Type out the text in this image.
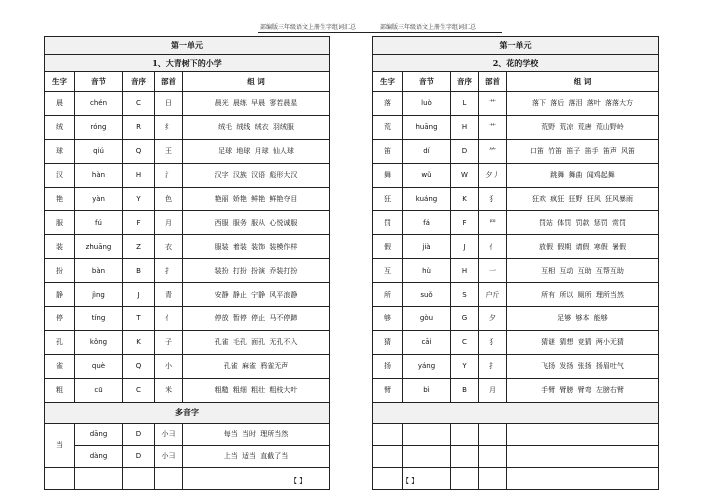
部编版三年级语文上册生字组词汇总	部编版三年级语文上册生字组词汇总
第一单元				
1、大青树下的小学				
生字	音节	音序	部首	组 词
晨	chén	C	日	晨光 晨练 早晨 寥若晨星
绒	róng	R	纟	绒毛 绒线 绒衣 羽绒服
球	qiú	Q	王	足球 地球 月球 仙人球
汉	hàn	H	氵	汉字 汉族 汉语 彪形大汉
艳	yàn	Y	色	艳丽 娇艳 鲜艳 鲜艳夺目
服	fú	F	月	西服 服务 服从 心悦诚服
装	zhuāng	Z	衣	服装 着装 装饰 装模作样
扮	bàn	B	扌	装扮 打扮 扮演 乔装打扮
静	jìng	J	青	安静 静止 宁静 风平浪静
停	tíng	T	亻	停放 暂停 停止 马不停蹄
孔	kǒng	K	子	孔雀 毛孔 面孔 无孔不入
雀	què	Q	小	孔雀 麻雀 鸦雀无声
粗	cū	C	米	粗糙 粗细 粗壮 粗枝大叶
多音字				
当	dāng	D	小彐	每当 当时 理所当然
	dàng	D	小彐	上当 适当 直截了当

第一单元				
2、花的学校				
生字	音节	音序	部首	组 词
落	luò	L	艹	落下 落后 落泪 落叶 落落大方
荒	huāng	H	艹	荒野 荒凉 荒唐 荒山野岭
笛	dí	D	⺮	口笛 竹笛 笛子 笛手 笛声 风笛
舞	wǔ	W	夕丿	跳舞 舞曲 闻鸡起舞
狂	kuáng	K	犭	狂欢 疯狂 狂野 狂风 狂风暴雨
罚	fá	F	罒	罚站 体罚 罚款 惩罚 赏罚
假	jià	J	亻	放假 假期 请假 寒假 暑假
互	hù	H	一	互相 互动 互助 互帮互助
所	suǒ	S	户斤	所有 所以 厕所 理所当然
够	gòu	G	夕	足够 够本 能够
猜	cāi	C	犭	猜谜 猜想 竞猜 两小无猜
扬	yáng	Y	扌	飞扬 发扬 张扬 扬眉吐气
臂	bì	B	月	手臂 臂膀 臂弯 左膀右臂

【 】	【 】
